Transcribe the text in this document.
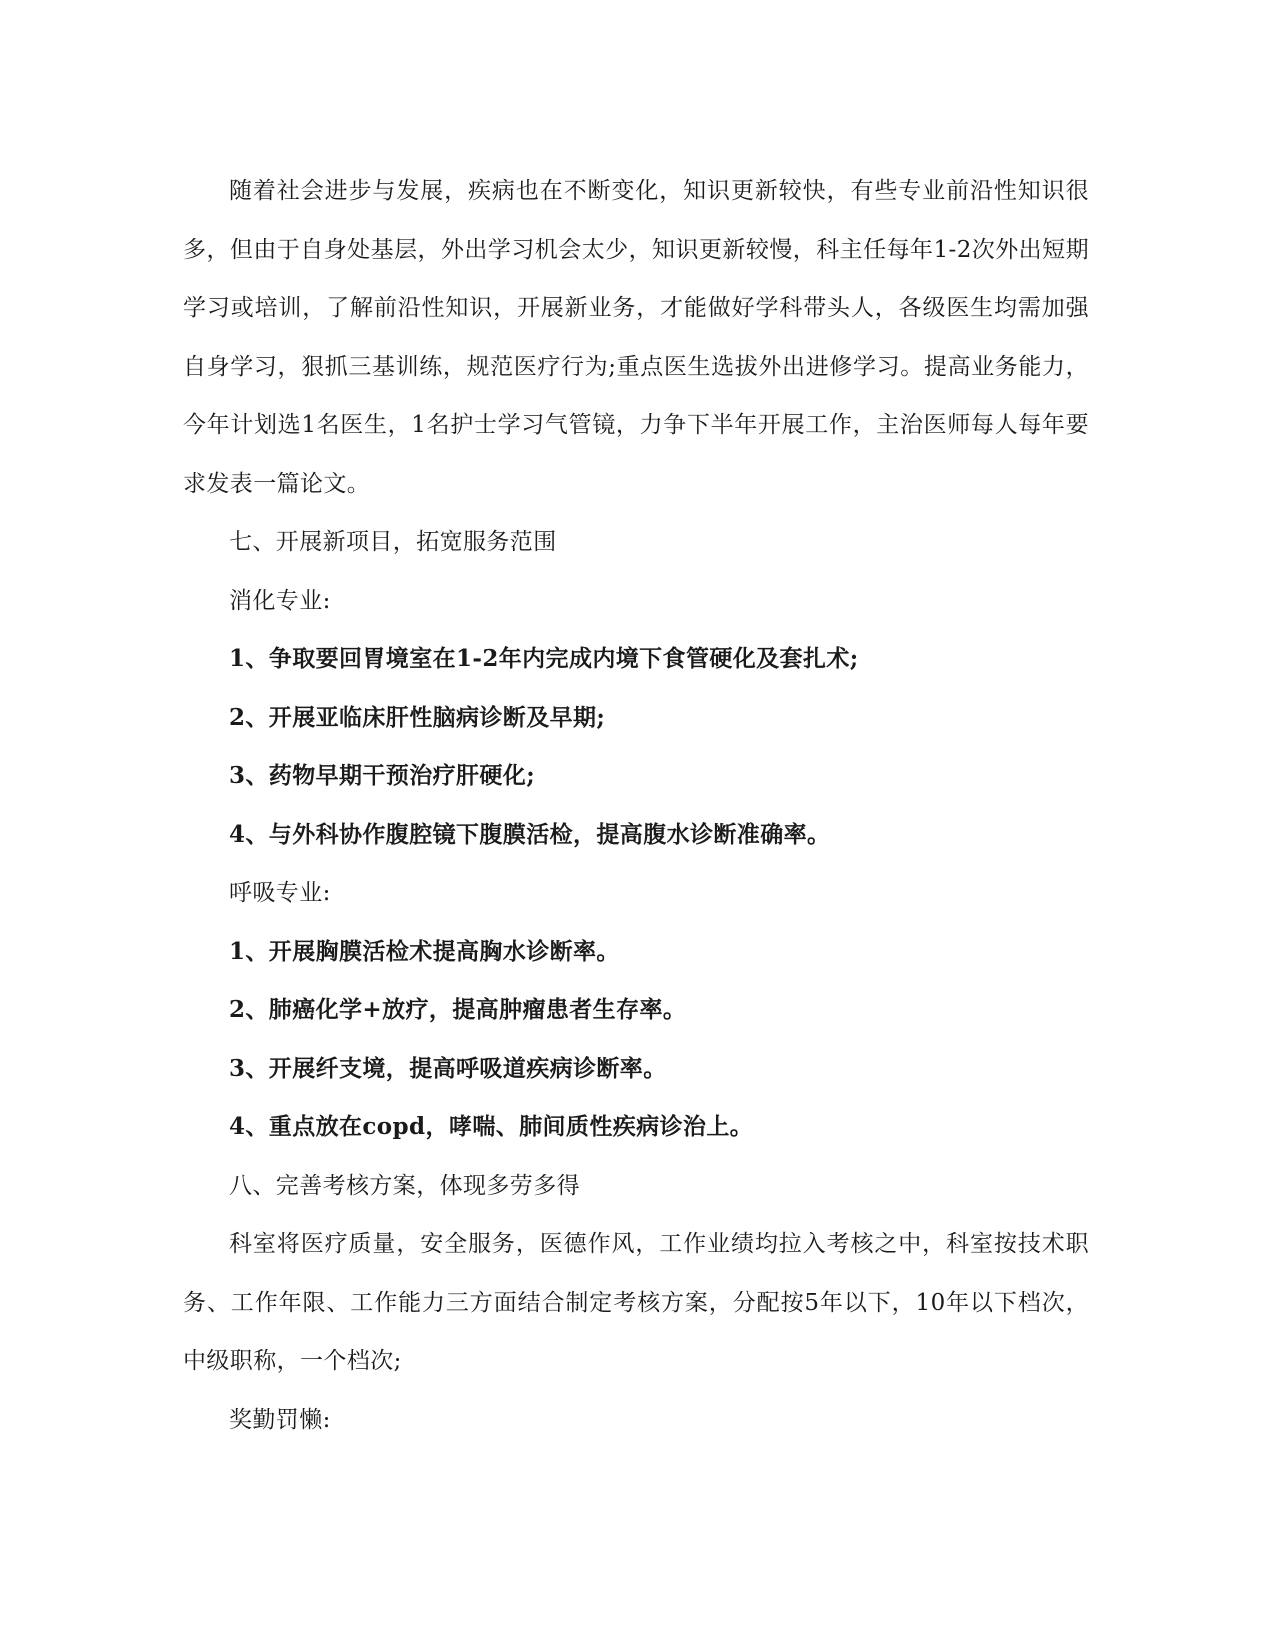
随着社会进步与发展，疾病也在不断变化，知识更新较快，有些专业前沿性知识很多，但由于自身处基层，外出学习机会太少，知识更新较慢，科主任每年1-2次外出短期学习或培训，了解前沿性知识，开展新业务，才能做好学科带头人，各级医生均需加强自身学习，狠抓三基训练，规范医疗行为;重点医生选拔外出进修学习。提高业务能力，今年计划选1名医生，1名护士学习气管镜，力争下半年开展工作，主治医师每人每年要求发表一篇论文。

七、开展新项目，拓宽服务范围

消化专业:

1、争取要回胃境室在1-2年内完成内境下食管硬化及套扎术;

2、开展亚临床肝性脑病诊断及早期;

3、药物早期干预治疗肝硬化;

4、与外科协作腹腔镜下腹膜活检，提高腹水诊断准确率。

呼吸专业:

1、开展胸膜活检术提高胸水诊断率。

2、肺癌化学+放疗，提高肿瘤患者生存率。

3、开展纤支境，提高呼吸道疾病诊断率。

4、重点放在copd，哮喘、肺间质性疾病诊治上。

八、完善考核方案，体现多劳多得

科室将医疗质量，安全服务，医德作风，工作业绩均拉入考核之中，科室按技术职务、工作年限、工作能力三方面结合制定考核方案，分配按5年以下，10年以下档次，中级职称，一个档次;

奖勤罚懒:
